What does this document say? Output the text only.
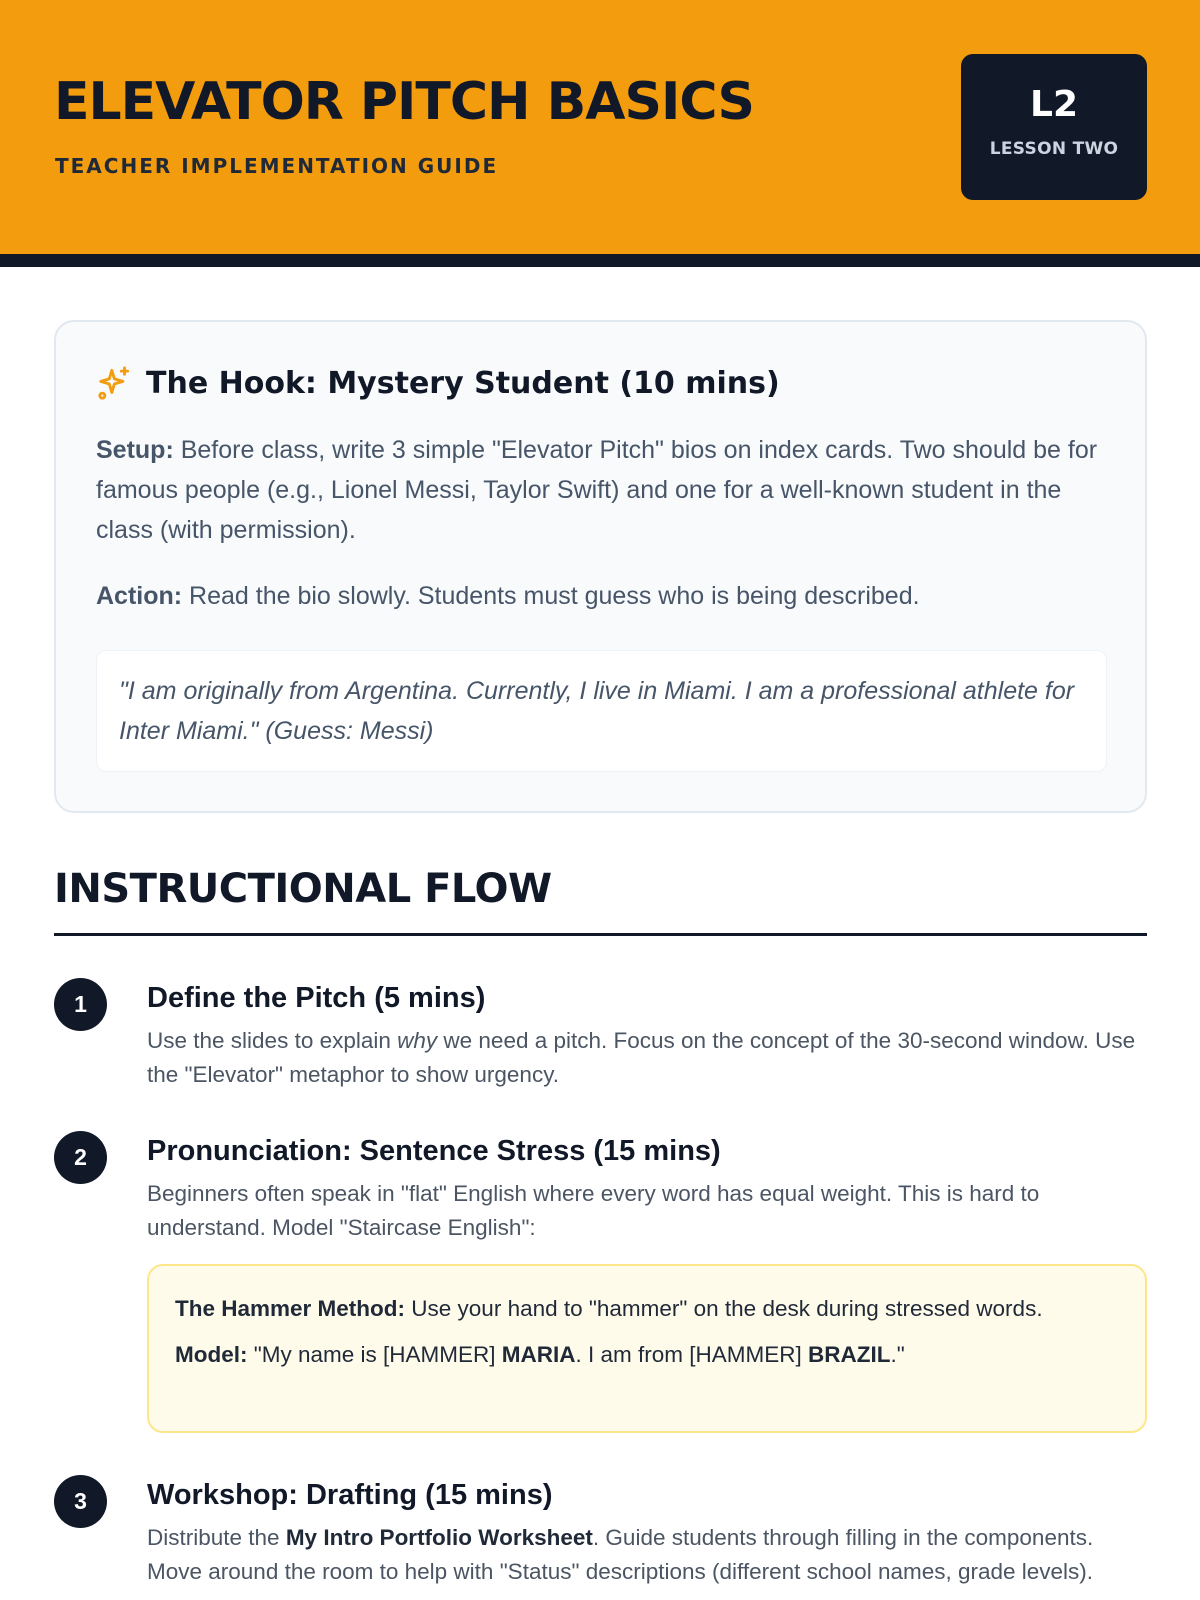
ELEVATOR PITCH BASICS
TEACHER IMPLEMENTATION GUIDE
L2
LESSON TWO
The Hook: Mystery Student (10 mins)

Setup: Before class, write 3 simple "Elevator Pitch" bios on index cards. Two should be for famous people (e.g., Lionel Messi, Taylor Swift) and one for a well-known student in the class (with permission).

Action: Read the bio slowly. Students must guess who is being described.

"I am originally from Argentina. Currently, I live in Miami. I am a professional athlete for Inter Miami." (Guess: Messi)
INSTRUCTIONAL FLOW
1	Define the Pitch (5 mins)

Use the slides to explain why we need a pitch. Focus on the concept of the 30-second window. Use the "Elevator" metaphor to show urgency.

2	Pronunciation: Sentence Stress (15 mins)

Beginners often speak in "flat" English where every word has equal weight. This is hard to understand. Model "Staircase English":

The Hammer Method: Use your hand to "hammer" on the desk during stressed words.
Model: "My name is [HAMMER] MARIA. I am from [HAMMER] BRAZIL."
3	Workshop: Drafting (15 mins)

Distribute the My Intro Portfolio Worksheet. Guide students through filling in the components. Move around the room to help with "Status" descriptions (different school names, grade levels).
